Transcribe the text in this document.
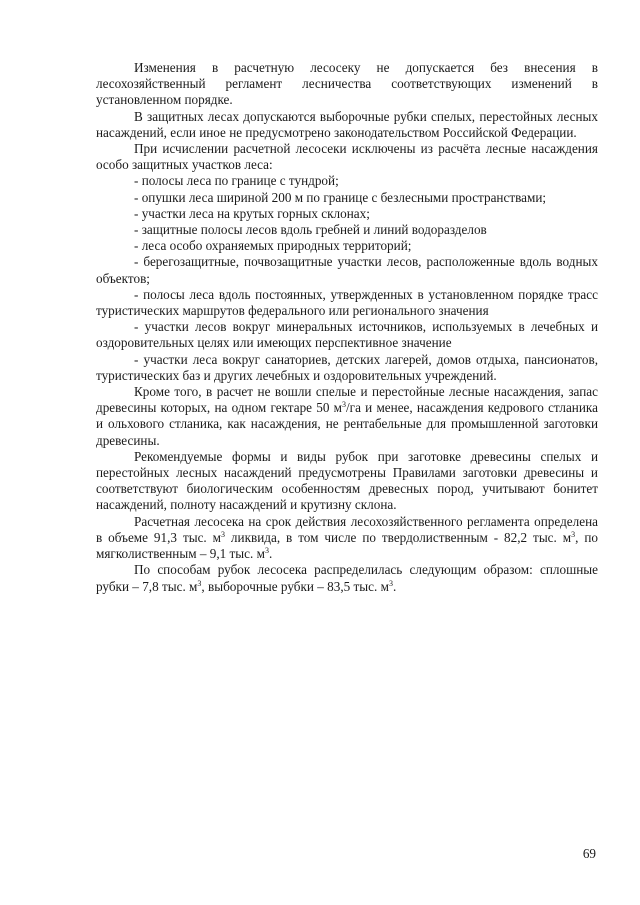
Изменения в расчетную лесосеку не допускается без внесения в лесохозяйственный регламент лесничества соответствующих изменений в установленном порядке.

В защитных лесах допускаются выборочные рубки спелых, перестойных лесных насаждений, если иное не предусмотрено законодательством Российской Федерации.

При исчислении расчетной лесосеки исключены из расчёта лесные насаждения особо защитных участков леса:

- полосы леса по границе с тундрой;

- опушки леса шириной 200 м по границе с безлесными пространствами;

- участки леса на крутых горных склонах;

- защитные полосы лесов вдоль гребней и линий водоразделов

- леса особо охраняемых природных территорий;

- берегозащитные, почвозащитные участки лесов, расположенные вдоль водных объектов;

- полосы леса вдоль постоянных, утвержденных в установленном порядке трасс туристических маршрутов федерального или регионального значения

- участки лесов вокруг минеральных источников, используемых в лечебных и оздоровительных целях или имеющих перспективное значение

- участки леса вокруг санаториев, детских лагерей, домов отдыха, пансионатов, туристических баз и других лечебных и оздоровительных учреждений.

Кроме того, в расчет не вошли спелые и перестойные лесные насаждения, запас древесины которых, на одном гектаре 50 $м^3/га$ и менее, насаждения кедрового стланика и ольхового стланика, как насаждения, не рентабельные для промышленной заготовки древесины.

Рекомендуемые формы и виды рубок при заготовке древесины спелых и перестойных лесных насаждений предусмотрены Правилами заготовки древесины и соответствуют биологическим особенностям древесных пород, учитывают бонитет насаждений, полноту насаждений и крутизну склона.

Расчетная лесосека на срок действия лесохозяйственного регламента определена в объеме 91,3 тыс. $м^3$ ликвида, в том числе по твердолиственным - 82,2 тыс. $м^3$, по мягколиственным – 9,1 тыс. $м^3$.

По способам рубок лесосека распределилась следующим образом: сплошные рубки – 7,8 тыс. $м^3$, выборочные рубки – 83,5 тыс. $м^3$.

69
